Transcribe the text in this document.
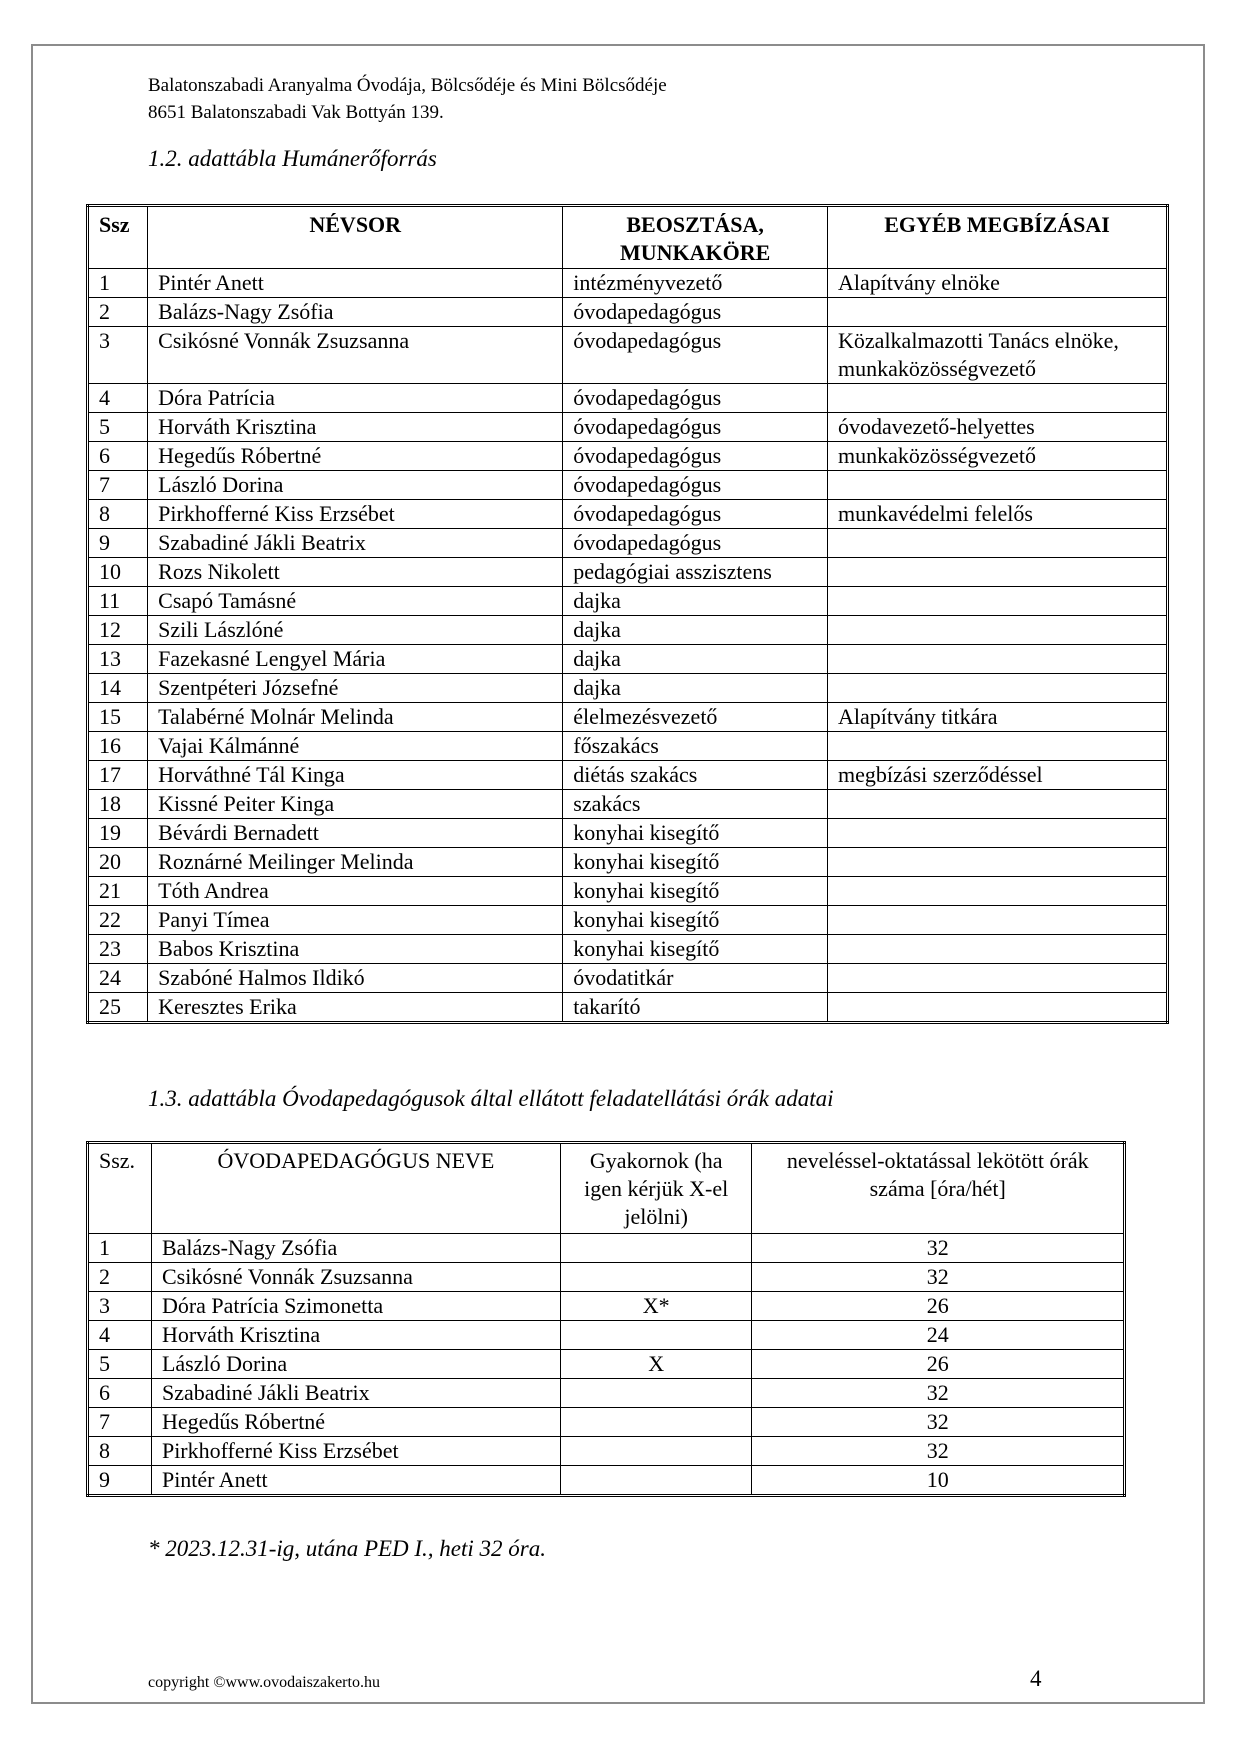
Balatonszabadi Aranyalma Óvodája, Bölcsődéje és Mini Bölcsődéje
8651 Balatonszabadi Vak Bottyán 139.
1.2. adattábla Humánerőforrás
Ssz	NÉVSOR	BEOSZTÁSA, MUNKAKÖRE	EGYÉB MEGBÍZÁSAI
1	Pintér Anett	intézményvezető	Alapítvány elnöke
2	Balázs-Nagy Zsófia	óvodapedagógus	
3	Csikósné Vonnák Zsuzsanna	óvodapedagógus	Közalkalmazotti Tanács elnöke, munkaközösségvezető
4	Dóra Patrícia	óvodapedagógus	
5	Horváth Krisztina	óvodapedagógus	óvodavezető-helyettes
6	Hegedűs Róbertné	óvodapedagógus	munkaközösségvezető
7	László Dorina	óvodapedagógus	
8	Pirkhofferné Kiss Erzsébet	óvodapedagógus	munkavédelmi felelős
9	Szabadiné Jákli Beatrix	óvodapedagógus	
10	Rozs Nikolett	pedagógiai asszisztens	
11	Csapó Tamásné	dajka	
12	Szili Lászlóné	dajka	
13	Fazekasné Lengyel Mária	dajka	
14	Szentpéteri Józsefné	dajka	
15	Talabérné Molnár Melinda	élelmezésvezető	Alapítvány titkára
16	Vajai Kálmánné	főszakács	
17	Horváthné Tál Kinga	diétás szakács	megbízási szerződéssel
18	Kissné Peiter Kinga	szakács	
19	Bévárdi Bernadett	konyhai kisegítő	
20	Roznárné Meilinger Melinda	konyhai kisegítő	
21	Tóth Andrea	konyhai kisegítő	
22	Panyi Tímea	konyhai kisegítő	
23	Babos Krisztina	konyhai kisegítő	
24	Szabóné Halmos Ildikó	óvodatitkár	
25	Keresztes Erika	takarító	
1.3. adattábla Óvodapedagógusok által ellátott feladatellátási órák adatai
Ssz.	ÓVODAPEDAGÓGUS NEVE	Gyakornok (ha igen kérjük X-el jelölni)	neveléssel-oktatással lekötött órák száma [óra/hét]
1	Balázs-Nagy Zsófia		32
2	Csikósné Vonnák Zsuzsanna		32
3	Dóra Patrícia Szimonetta	X*	26
4	Horváth Krisztina		24
5	László Dorina	X	26
6	Szabadiné Jákli Beatrix		32
7	Hegedűs Róbertné		32
8	Pirkhofferné Kiss Erzsébet		32
9	Pintér Anett		10
* 2023.12.31-ig, utána PED I., heti 32 óra.
copyright ©www.ovodaiszakerto.hu	4
